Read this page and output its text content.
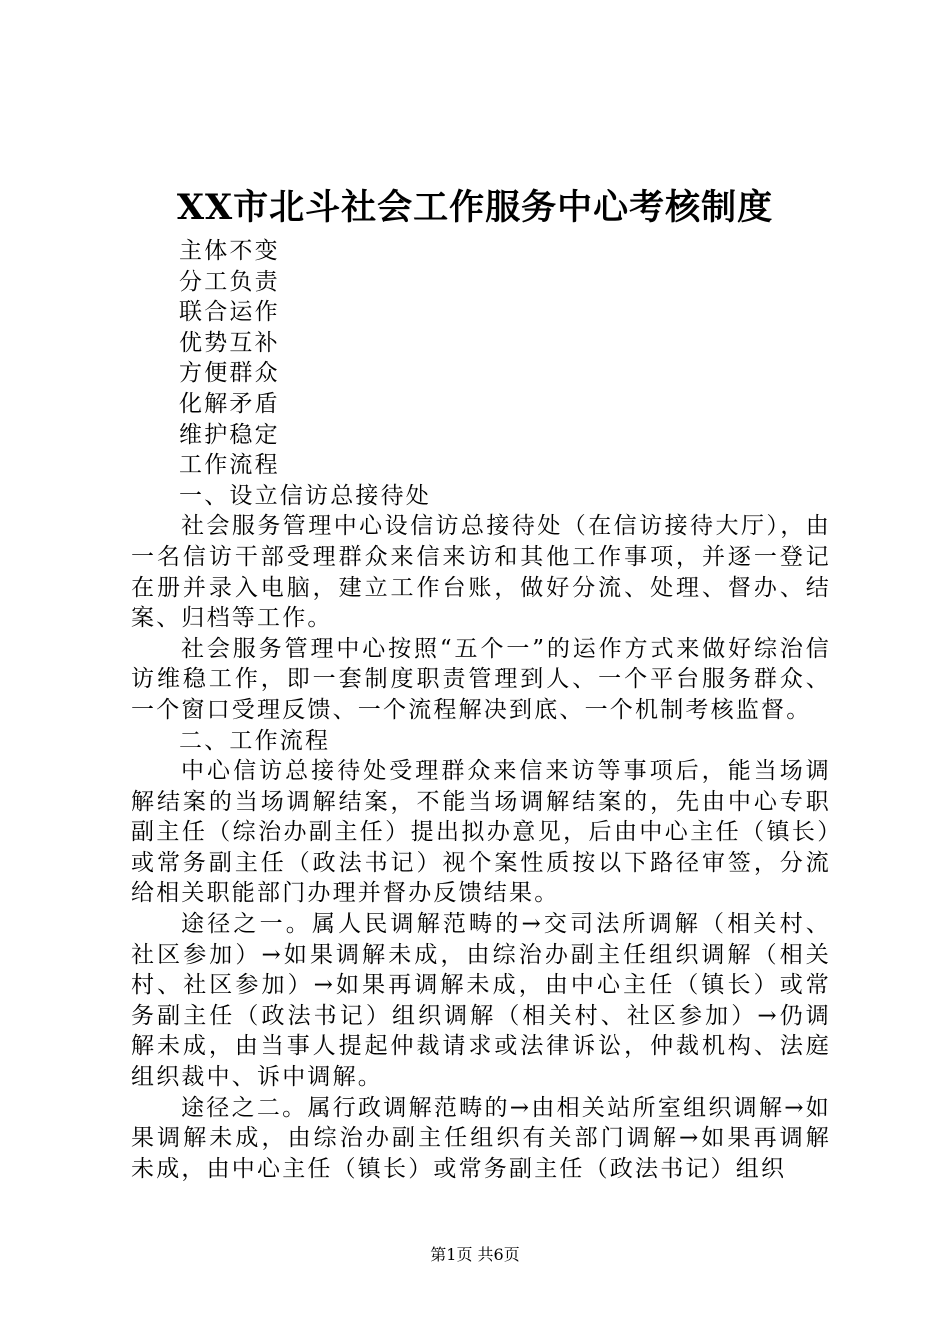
XX市北斗社会工作服务中心考核制度

主体不变

分工负责

联合运作

优势互补

方便群众

化解矛盾

维护稳定

工作流程

一、设立信访总接待处

社会服务管理中心设信访总接待处（在信访接待大厅），由一名信访干部受理群众来信来访和其他工作事项，并逐一登记在册并录入电脑，建立工作台账，做好分流、处理、督办、结案、归档等工作。

社会服务管理中心按照“五个一”的运作方式来做好综治信访维稳工作，即一套制度职责管理到人、一个平台服务群众、一个窗口受理反馈、一个流程解决到底、一个机制考核监督。

二、工作流程

中心信访总接待处受理群众来信来访等事项后，能当场调解结案的当场调解结案，不能当场调解结案的，先由中心专职副主任（综治办副主任）提出拟办意见，后由中心主任（镇长）或常务副主任（政法书记）视个案性质按以下路径审签，分流给相关职能部门办理并督办反馈结果。

途径之一。属人民调解范畴的→交司法所调解（相关村、社区参加）→如果调解未成，由综治办副主任组织调解（相关村、社区参加）→如果再调解未成，由中心主任（镇长）或常务副主任（政法书记）组织调解（相关村、社区参加）→仍调解未成，由当事人提起仲裁请求或法律诉讼，仲裁机构、法庭组织裁中、诉中调解。

途径之二。属行政调解范畴的→由相关站所室组织调解→如果调解未成，由综治办副主任组织有关部门调解→如果再调解未成，由中心主任（镇长）或常务副主任（政法书记）组织

第1页 共6页
